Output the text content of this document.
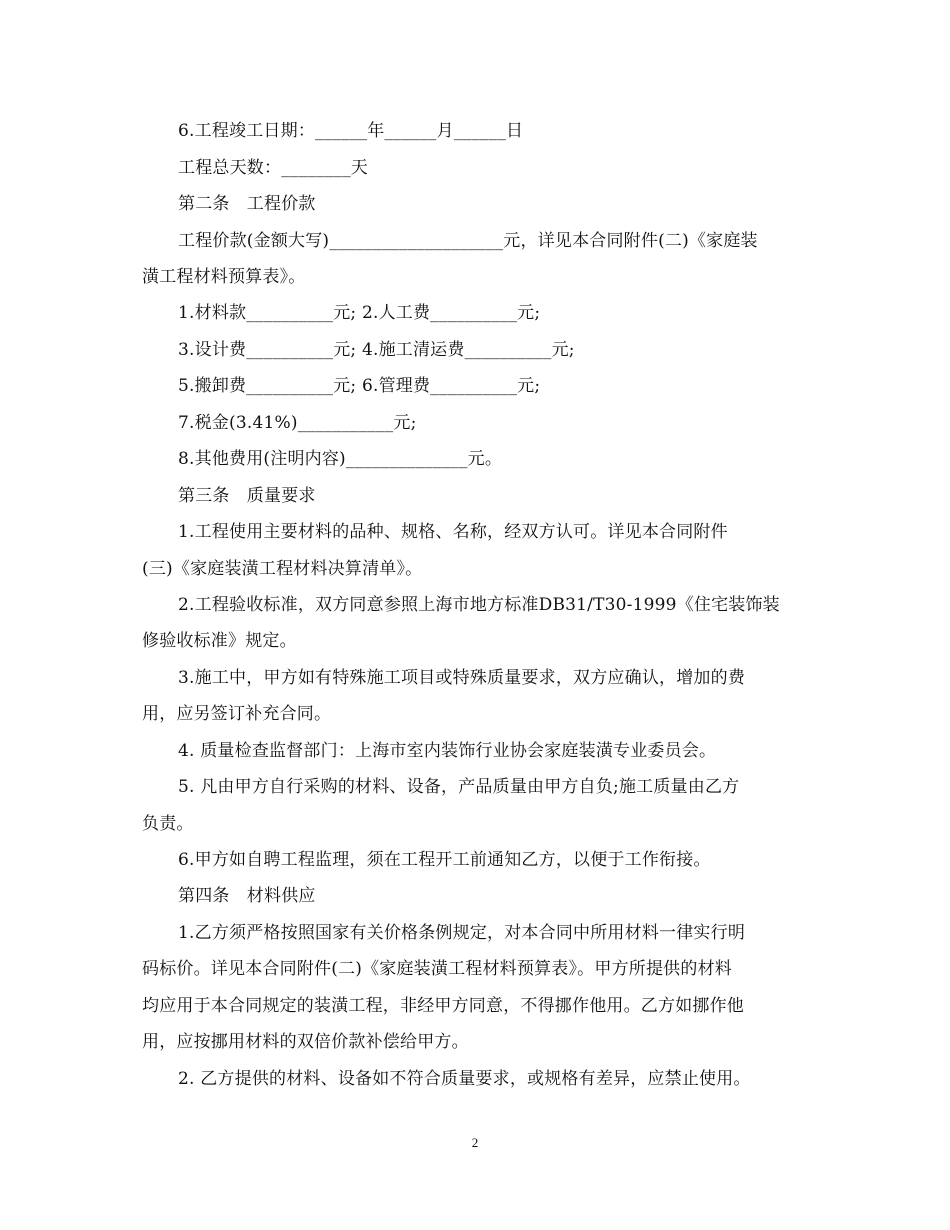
6.工程竣工日期：______年______月______日
工程总天数：________天
第二条　工程价款
工程价款(金额大写)____________________元，详见本合同附件(二)《家庭装
潢工程材料预算表》。
1.材料款__________元; 2.人工费__________元;
3.设计费__________元; 4.施工清运费__________元;
5.搬卸费__________元; 6.管理费__________元;
7.税金(3.41%)___________元;
8.其他费用(注明内容)______________元。
第三条　质量要求
1.工程使用主要材料的品种、规格、名称，经双方认可。详见本合同附件
(三)《家庭装潢工程材料决算清单》。
2.工程验收标准，双方同意参照上海市地方标准DB31/T30-1999《住宅装饰装
修验收标准》规定。
3.施工中，甲方如有特殊施工项目或特殊质量要求，双方应确认，增加的费
用，应另签订补充合同。
4. 质量检查监督部门：上海市室内装饰行业协会家庭装潢专业委员会。
5. 凡由甲方自行采购的材料、设备，产品质量由甲方自负;施工质量由乙方
负责。
6.甲方如自聘工程监理，须在工程开工前通知乙方，以便于工作衔接。
第四条　材料供应
1.乙方须严格按照国家有关价格条例规定，对本合同中所用材料一律实行明
码标价。详见本合同附件(二)《家庭装潢工程材料预算表》。甲方所提供的材料
均应用于本合同规定的装潢工程，非经甲方同意，不得挪作他用。乙方如挪作他
用，应按挪用材料的双倍价款补偿给甲方。
2. 乙方提供的材料、设备如不符合质量要求，或规格有差异，应禁止使用。
2
